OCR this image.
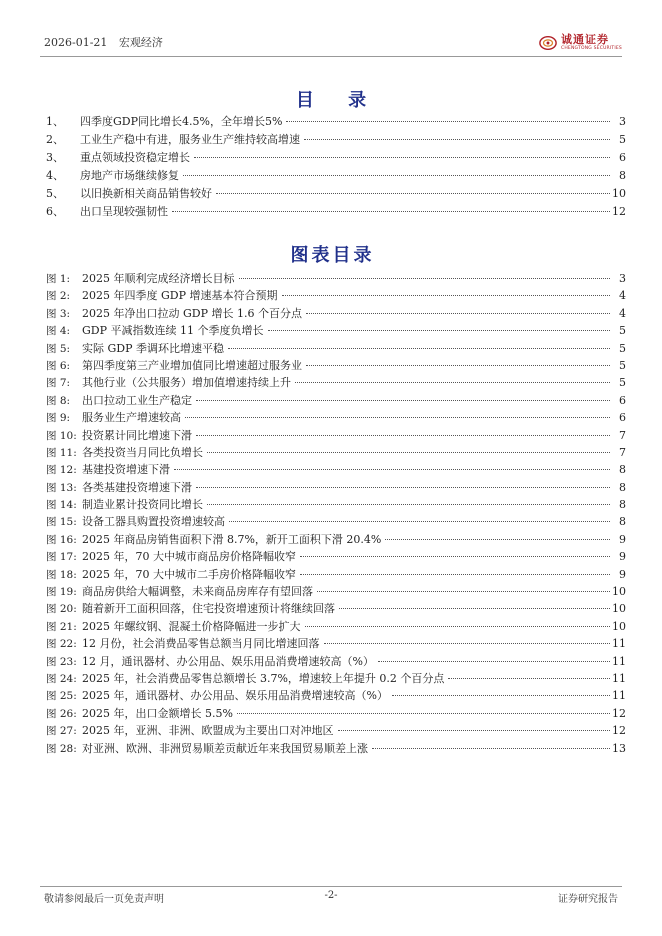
2026-01-21 宏观经济	诚通证券
CHENGTONG SECURITIES
目 录
1、	四季度GDP同比增长4.5%，全年增长5%	3
2、	工业生产稳中有进，服务业生产维持较高增速	5
3、	重点领域投资稳定增长	6
4、	房地产市场继续修复	8
5、	以旧换新相关商品销售较好	10
6、	出口呈现较强韧性	12
图表目录
图 1:	2025 年顺利完成经济增长目标	3
图 2:	2025 年四季度 GDP 增速基本符合预期	4
图 3:	2025 年净出口拉动 GDP 增长 1.6 个百分点	4
图 4:	GDP 平减指数连续 11 个季度负增长	5
图 5:	实际 GDP 季调环比增速平稳	5
图 6:	第四季度第三产业增加值同比增速超过服务业	5
图 7:	其他行业（公共服务）增加值增速持续上升	5
图 8:	出口拉动工业生产稳定	6
图 9:	服务业生产增速较高	6
图 10: 投资累计同比增速下滑	7
图 11: 各类投资当月同比负增长	7
图 12: 基建投资增速下滑	8
图 13: 各类基建投资增速下滑	8
图 14: 制造业累计投资同比增长	8
图 15: 设备工器具购置投资增速较高	8
图 16: 2025 年商品房销售面积下滑 8.7%，新开工面积下滑 20.4%	9
图 17: 2025 年，70 大中城市商品房价格降幅收窄	9
图 18: 2025 年，70 大中城市二手房价格降幅收窄	9
图 19: 商品房供给大幅调整，未来商品房库存有望回落	10
图 20: 随着新开工面积回落，住宅投资增速预计将继续回落	10
图 21: 2025 年螺纹钢、混凝土价格降幅进一步扩大	10
图 22: 12 月份，社会消费品零售总额当月同比增速回落	11
图 23: 12 月，通讯器材、办公用品、娱乐用品消费增速较高（%）	11
图 24: 2025 年，社会消费品零售总额增长 3.7%，增速较上年提升 0.2 个百分点	11
图 25: 2025 年，通讯器材、办公用品、娱乐用品消费增速较高（%）	11
图 26: 2025 年，出口金额增长 5.5%	12
图 27: 2025 年，亚洲、非洲、欧盟成为主要出口对冲地区	12
图 28: 对亚洲、欧洲、非洲贸易顺差贡献近年来我国贸易顺差上涨	13
敬请参阅最后一页免责声明	-2-	证券研究报告
